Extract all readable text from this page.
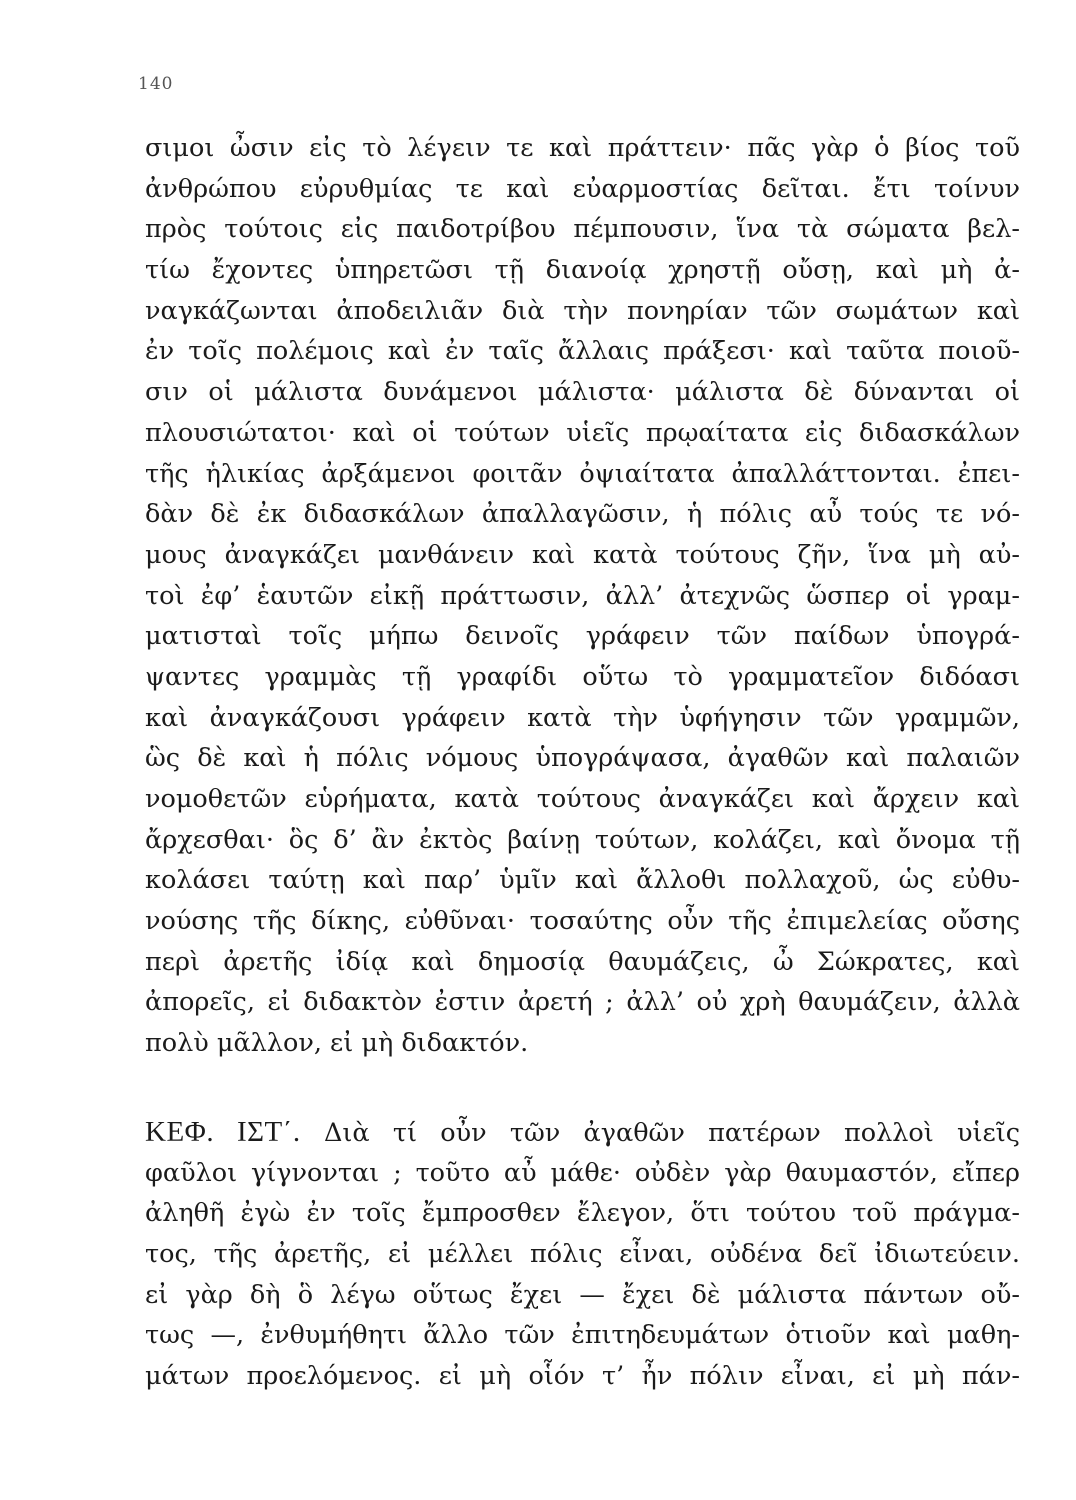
140
σιμοι ὦσιν εἰς τὸ λέγειν τε καὶ πράττειν· πᾶς γὰρ ὁ βίος τοῦ
ἀνθρώπου εὐρυθμίας τε καὶ εὐαρμοστίας δεῖται. ἔτι τοίνυν
πρὸς τούτοις εἰς παιδοτρίβου πέμπουσιν, ἵνα τὰ σώματα βελ-
τίω ἔχοντες ὑπηρετῶσι τῇ διανοίᾳ χρηστῇ οὔσῃ, καὶ μὴ ἀ-
ναγκάζωνται ἀποδειλιᾶν διὰ τὴν πονηρίαν τῶν σωμάτων καὶ
ἐν τοῖς πολέμοις καὶ ἐν ταῖς ἄλλαις πράξεσι· καὶ ταῦτα ποιοῦ-
σιν οἱ μάλιστα δυνάμενοι μάλιστα· μάλιστα δὲ δύνανται οἱ
πλουσιώτατοι· καὶ οἱ τούτων υἱεῖς πρῳαίτατα εἰς διδασκάλων
τῆς ἡλικίας ἀρξάμενοι φοιτᾶν ὀψιαίτατα ἀπαλλάττονται. ἐπει-
δὰν δὲ ἐκ διδασκάλων ἀπαλλαγῶσιν, ἡ πόλις αὖ τούς τε νό-
μους ἀναγκάζει μανθάνειν καὶ κατὰ τούτους ζῆν, ἵνα μὴ αὐ-
τοὶ ἐφ’ ἑαυτῶν εἰκῇ πράττωσιν, ἀλλ’ ἀτεχνῶς ὥσπερ οἱ γραμ-
ματισταὶ τοῖς μήπω δεινοῖς γράφειν τῶν παίδων ὑπογρά-
ψαντες γραμμὰς τῇ γραφίδι οὕτω τὸ γραμματεῖον διδόασι
καὶ ἀναγκάζουσι γράφειν κατὰ τὴν ὑφήγησιν τῶν γραμμῶν,
ὣς δὲ καὶ ἡ πόλις νόμους ὑπογράψασα, ἀγαθῶν καὶ παλαιῶν
νομοθετῶν εὑρήματα, κατὰ τούτους ἀναγκάζει καὶ ἄρχειν καὶ
ἄρχεσθαι· ὃς δ’ ἂν ἐκτὸς βαίνῃ τούτων, κολάζει, καὶ ὄνομα τῇ
κολάσει ταύτῃ καὶ παρ’ ὑμῖν καὶ ἄλλοθι πολλαχοῦ, ὡς εὐθυ-
νούσης τῆς δίκης, εὐθῦναι· τοσαύτης οὖν τῆς ἐπιμελείας οὔσης
περὶ ἀρετῆς ἰδίᾳ καὶ δημοσίᾳ θαυμάζεις, ὦ Σώκρατες, καὶ
ἀπορεῖς, εἰ διδακτὸν ἐστιν ἀρετή ; ἀλλ’ οὐ χρὴ θαυμάζειν, ἀλλὰ
πολὺ μᾶλλον, εἰ μὴ διδακτόν.
ΚΕΦ. ΙΣΤ΄. Διὰ τί οὖν τῶν ἀγαθῶν πατέρων πολλοὶ υἱεῖς
φαῦλοι γίγνονται ; τοῦτο αὖ μάθε· οὐδὲν γὰρ θαυμαστόν, εἴπερ
ἀληθῆ ἐγὼ ἐν τοῖς ἔμπροσθεν ἔλεγον, ὅτι τούτου τοῦ πράγμα-
τος, τῆς ἀρετῆς, εἰ μέλλει πόλις εἶναι, οὐδένα δεῖ ἰδιωτεύειν.
εἰ γὰρ δὴ ὃ λέγω οὕτως ἔχει — ἔχει δὲ μάλιστα πάντων οὔ-
τως —, ἐνθυμήθητι ἄλλο τῶν ἐπιτηδευμάτων ὁτιοῦν καὶ μαθη-
μάτων προελόμενος. εἰ μὴ οἷόν τ’ ἦν πόλιν εἶναι, εἰ μὴ πάν-
